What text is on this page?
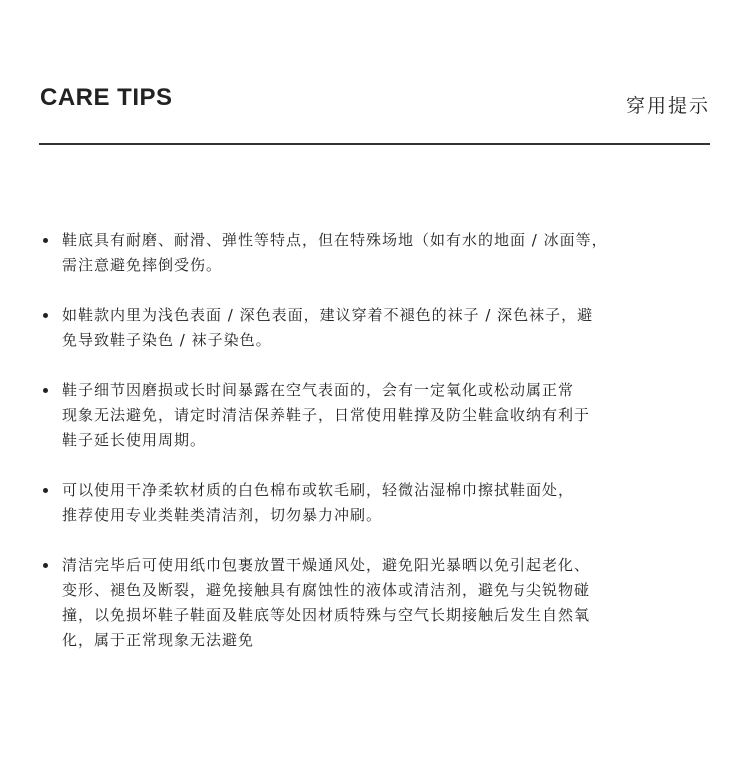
CARE TIPS	穿用提示
鞋底具有耐磨、耐滑、弹性等特点，但在特殊场地（如有水的地面 / 冰面等，
需注意避免摔倒受伤。
如鞋款内里为浅色表面 / 深色表面，建议穿着不褪色的袜子 / 深色袜子，避
免导致鞋子染色 / 袜子染色。
鞋子细节因磨损或长时间暴露在空气表面的，会有一定氧化或松动属正常
现象无法避免，请定时清洁保养鞋子，日常使用鞋撑及防尘鞋盒收纳有利于
鞋子延长使用周期。
可以使用干净柔软材质的白色棉布或软毛刷，轻微沾湿棉巾擦拭鞋面处，
推荐使用专业类鞋类清洁剂，切勿暴力冲刷。
清洁完毕后可使用纸巾包裹放置干燥通风处，避免阳光暴晒以免引起老化、
变形、褪色及断裂，避免接触具有腐蚀性的液体或清洁剂，避免与尖锐物碰
撞，以免损坏鞋子鞋面及鞋底等处因材质特殊与空气长期接触后发生自然氧
化，属于正常现象无法避免
